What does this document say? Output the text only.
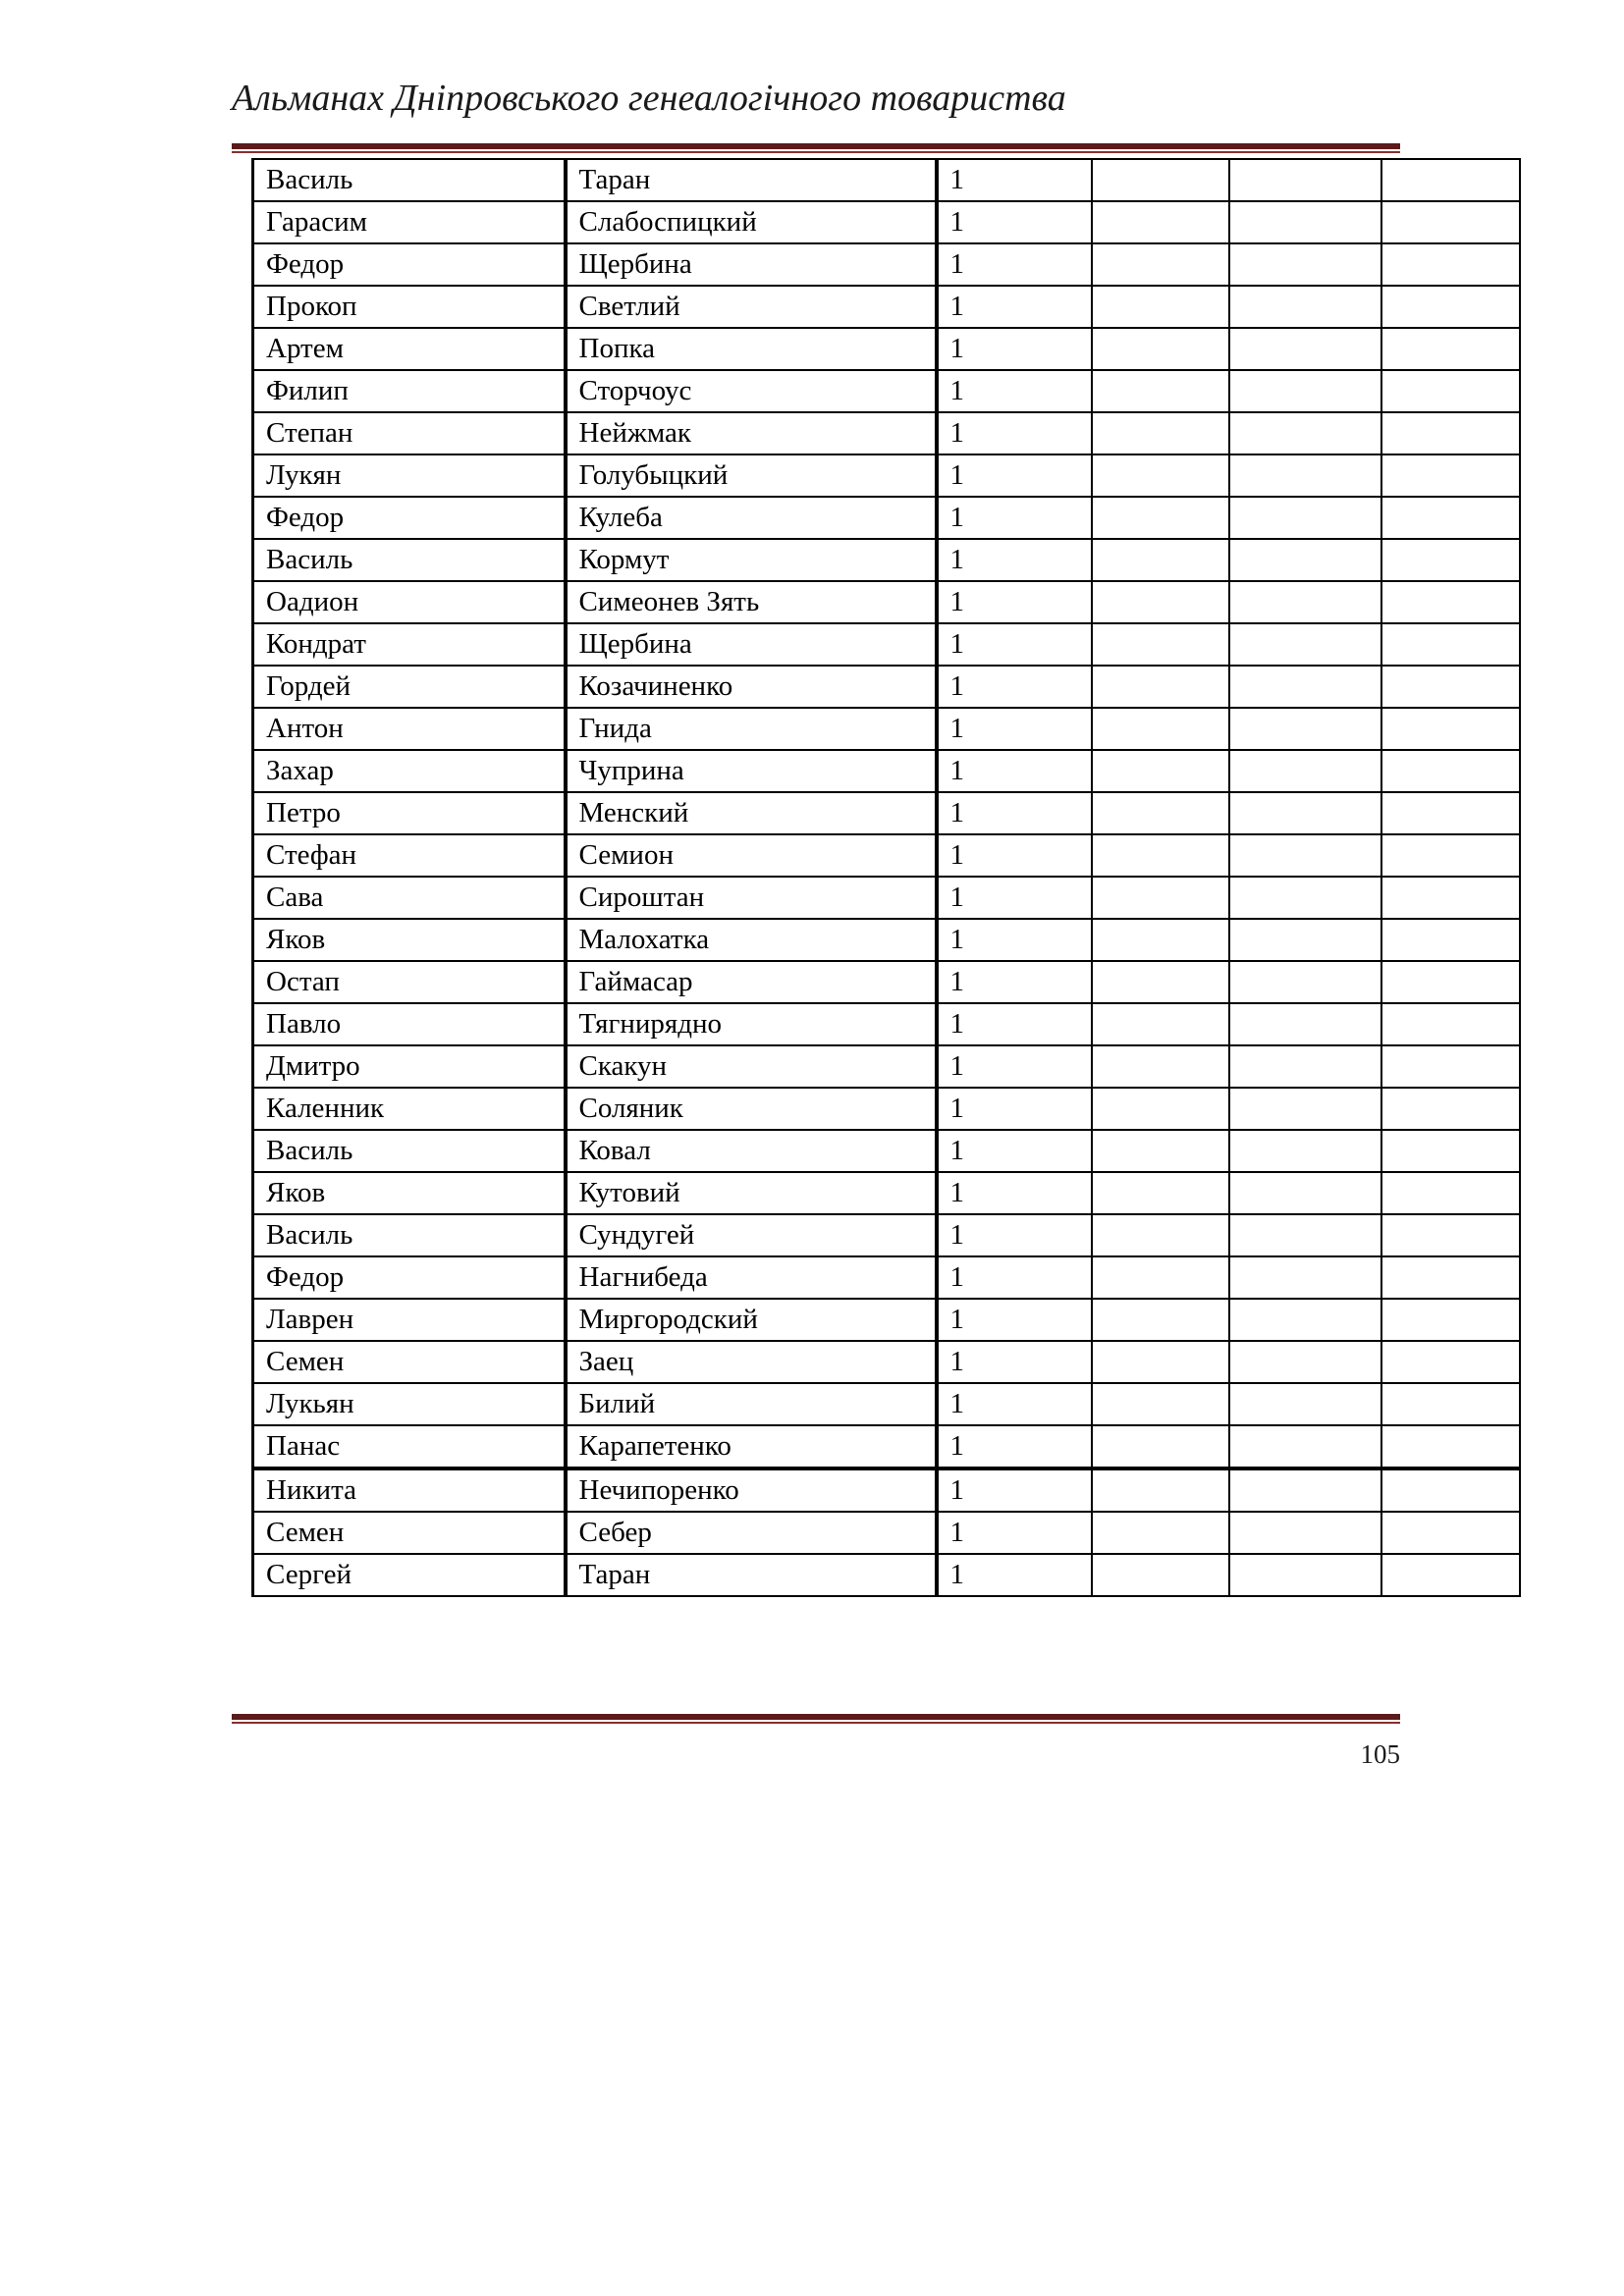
Альманах Дніпровського генеалогічного товариства
Василь	Таран	1			
Гарасим	Слабоспицкий	1			
Федор	Щербина	1			
Прокоп	Светлий	1			
Артем	Попка	1			
Филип	Сторчоус	1			
Степан	Нейжмак	1			
Лукян	Голубыцкий	1			
Федор	Кулеба	1			
Василь	Кормут	1			
Оадион	Симеонев Зять	1			
Кондрат	Щербина	1			
Гордей	Козачиненко	1			
Антон	Гнида	1			
Захар	Чуприна	1			
Петро	Менский	1			
Стефан	Семион	1			
Сава	Сироштан	1			
Яков	Малохатка	1			
Остап	Гаймасар	1			
Павло	Тягнирядно	1			
Дмитро	Скакун	1			
Каленник	Соляник	1			
Василь	Ковал	1			
Яков	Кутовий	1			
Василь	Сундугей	1			
Федор	Нагнибеда	1			
Лаврен	Миргородский	1			
Семен	Заец	1			
Лукьян	Билий	1			
Панас	Карапетенко	1			
Никита	Нечипоренко	1			
Семен	Себер	1			
Сергей	Таран	1			
105
